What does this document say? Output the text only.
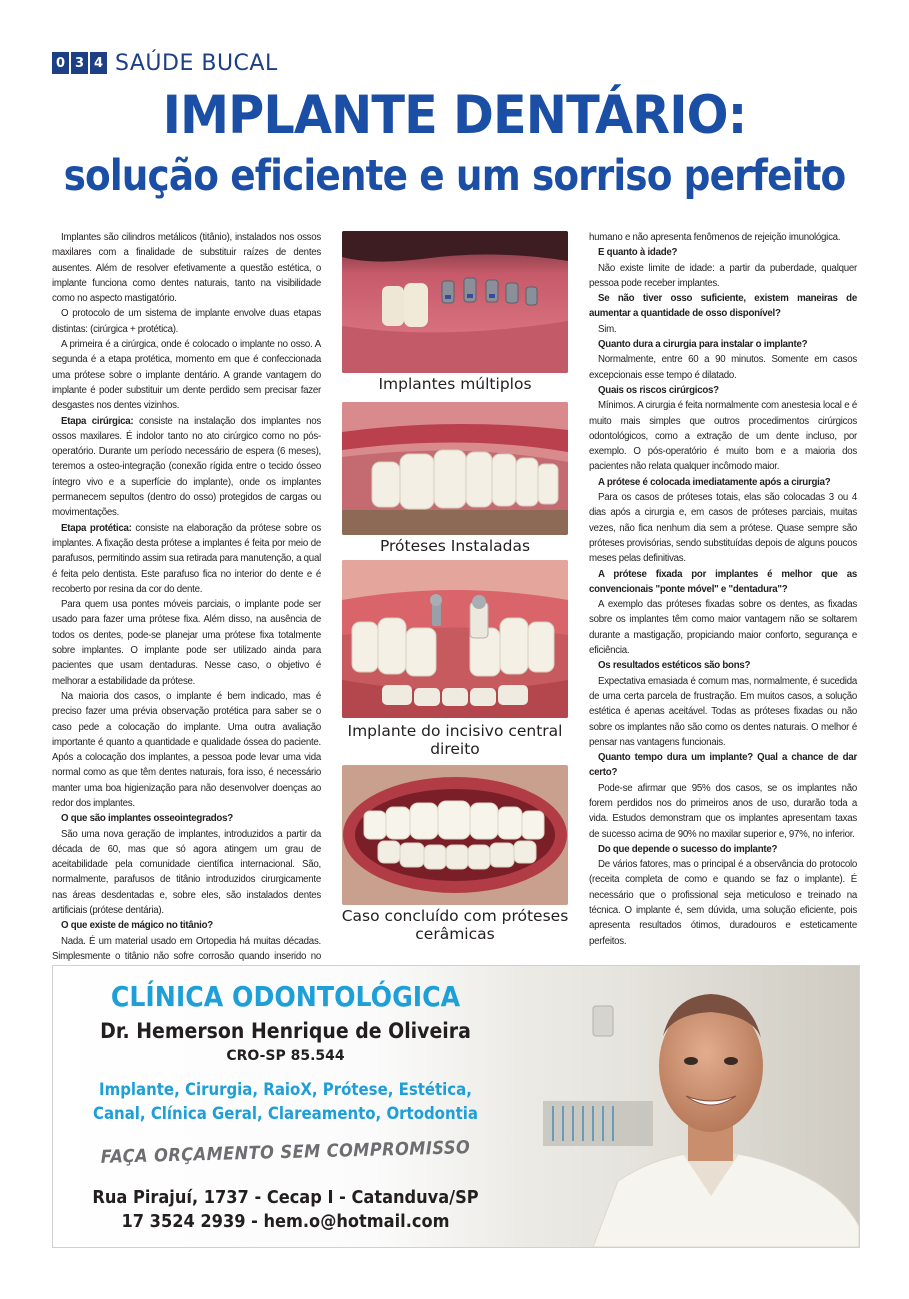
0 3 4 SAÚDE BUCAL
IMPLANTE DENTÁRIO:
solução eficiente e um sorriso perfeito

Implantes são cilindros metálicos (titânio), instalados nos ossos maxilares com a finalidade de substituir raízes de dentes ausentes. Além de resolver efetivamente a questão estética, o implante funciona como dentes naturais, tanto na visibilidade como no aspecto mastigatório.

O protocolo de um sistema de implante envolve duas etapas distintas: (cirúrgica + protética).

A primeira é a cirúrgica, onde é colocado o implante no osso. A segunda é a etapa protética, momento em que é confeccionada uma prótese sobre o implante dentário. A grande vantagem do implante é poder substituir um dente perdido sem precisar fazer desgastes nos dentes vizinhos.

Etapa cirúrgica: consiste na instalação dos implantes nos ossos maxilares. É indolor tanto no ato cirúrgico como no pós-operatório. Durante um período necessário de espera (6 meses), teremos a osteo-integração (conexão rígida entre o tecido ósseo íntegro vivo e a superfície do implante), onde os implantes permanecem sepultos (dentro do osso) protegidos de cargas ou movimentações.

Etapa protética: consiste na elaboração da prótese sobre os implantes. A fixação desta prótese a implantes é feita por meio de parafusos, permitindo assim sua retirada para manutenção, a qual é feita pelo dentista. Este parafuso fica no interior do dente e é recoberto por resina da cor do dente.

Para quem usa pontes móveis parciais, o implante pode ser usado para fazer uma prótese fixa. Além disso, na ausência de todos os dentes, pode-se planejar uma prótese fixa totalmente sobre implantes. O implante pode ser utilizado ainda para pacientes que usam dentaduras. Nesse caso, o objetivo é melhorar a estabilidade da prótese.

Na maioria dos casos, o implante é bem indicado, mas é preciso fazer uma prévia observação protética para saber se o caso pede a colocação do implante. Uma outra avaliação importante é quanto a quantidade e qualidade óssea do paciente. Após a colocação dos implantes, a pessoa pode levar uma vida normal como as que têm dentes naturais, fora isso, é necessário manter uma boa higienização para não desenvolver doenças ao redor dos implantes.

O que são implantes osseointegrados?

São uma nova geração de implantes, introduzidos a partir da década de 60, mas que só agora atingem um grau de aceitabilidade pela comunidade científica internacional. São, normalmente, parafusos de titânio introduzidos cirurgicamente nas áreas desdentadas e, sobre eles, são instalados dentes artificiais (prótese dentária).

O que existe de mágico no titânio?

Nada. É um material usado em Ortopedia há muitas décadas. Simplesmente o titânio não sofre corrosão quando inserido no

Implantes múltiplos
Próteses Instaladas
Implante do incisivo central direito
Caso concluído com próteses cerâmicas

humano e não apresenta fenômenos de rejeição imunológica.

E quanto à idade?

Não existe limite de idade: a partir da puberdade, qualquer pessoa pode receber implantes.

Se não tiver osso suficiente, existem maneiras de aumentar a quantidade de osso disponível?

Sim.

Quanto dura a cirurgia para instalar o implante?

Normalmente, entre 60 a 90 minutos. Somente em casos excepcionais esse tempo é dilatado.

Quais os riscos cirúrgicos?

Mínimos. A cirurgia é feita normalmente com anestesia local e é muito mais simples que outros procedimentos cirúrgicos odontológicos, como a extração de um dente incluso, por exemplo. O pós-operatório é muito bom e a maioria dos pacientes não relata qualquer incômodo maior.

A prótese é colocada imediatamente após a cirurgia?

Para os casos de próteses totais, elas são colocadas 3 ou 4 dias após a cirurgia e, em casos de próteses parciais, muitas vezes, não fica nenhum dia sem a prótese. Quase sempre são próteses provisórias, sendo substituídas depois de alguns poucos meses pelas definitivas.

A prótese fixada por implantes é melhor que as convencionais "ponte móvel" e "dentadura"?

A exemplo das próteses fixadas sobre os dentes, as fixadas sobre os implantes têm como maior vantagem não se soltarem durante a mastigação, propiciando maior conforto, segurança e eficiência.

Os resultados estéticos são bons?

Expectativa emasiada é comum mas, normalmente, é sucedida de uma certa parcela de frustração. Em muitos casos, a solução estética é apenas aceitável. Todas as próteses fixadas ou não sobre os implantes não são como os dentes naturais. O melhor é pensar nas vantagens funcionais.

Quanto tempo dura um implante? Qual a chance de dar certo?

Pode-se afirmar que 95% dos casos, se os implantes não forem perdidos nos do primeiros anos de uso, durarão toda a vida. Estudos demonstram que os implantes apresentam taxas de sucesso acima de 90% no maxilar superior e, 97%, no inferior.

Do que depende o sucesso do implante?

De vários fatores, mas o principal é a observância do protocolo (receita completa de como e quando se faz o implante). É necessário que o profissional seja meticuloso e treinado na técnica. O implante é, sem dúvida, uma solução eficiente, pois apresenta resultados ótimos, duradouros e esteticamente perfeitos.

CLÍNICA ODONTOLÓGICA
Dr. Hemerson Henrique de Oliveira
CRO-SP 85.544
Implante, Cirurgia, RaioX, Prótese, Estética,
Canal, Clínica Geral, Clareamento, Ortodontia
FAÇA ORÇAMENTO SEM COMPROMISSO
Rua Pirajuí, 1737 - Cecap I - Catanduva/SP
17 3524 2939 - hem.o@hotmail.com
